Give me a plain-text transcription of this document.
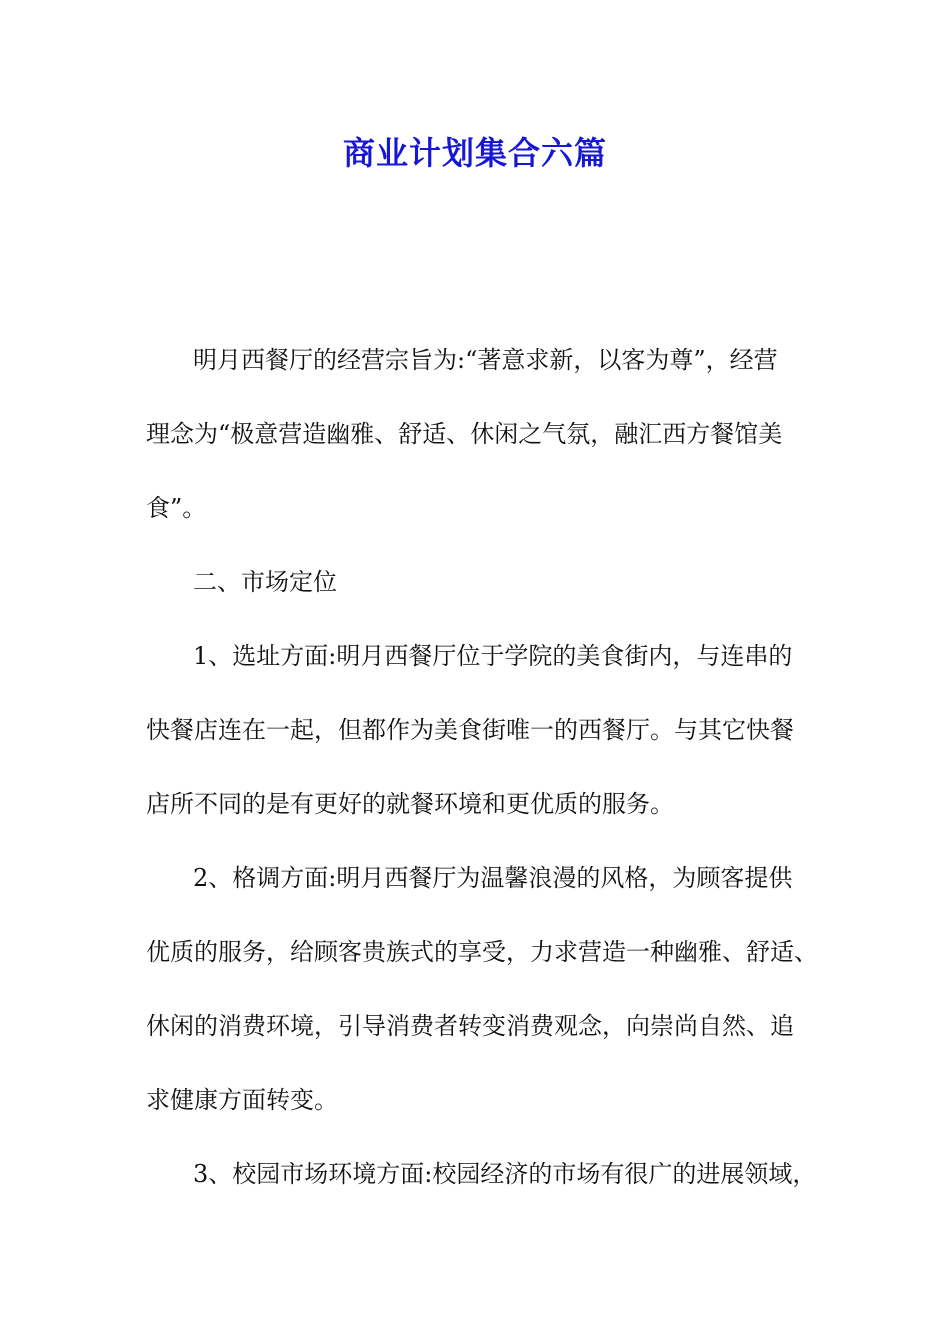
商业计划集合六篇

明月西餐厅的经营宗旨为:“著意求新，以客为尊”，经营

理念为“极意营造幽雅、舒适、休闲之气氛，融汇西方餐馆美

食”。

二、市场定位

1、选址方面:明月西餐厅位于学院的美食街内，与连串的

快餐店连在一起，但都作为美食街唯一的西餐厅。与其它快餐

店所不同的是有更好的就餐环境和更优质的服务。

2、格调方面:明月西餐厅为温馨浪漫的风格，为顾客提供

优质的服务，给顾客贵族式的享受，力求营造一种幽雅、舒适、

休闲的消费环境，引导消费者转变消费观念，向崇尚自然、追

求健康方面转变。

3、校园市场环境方面:校园经济的市场有很广的进展领域，
